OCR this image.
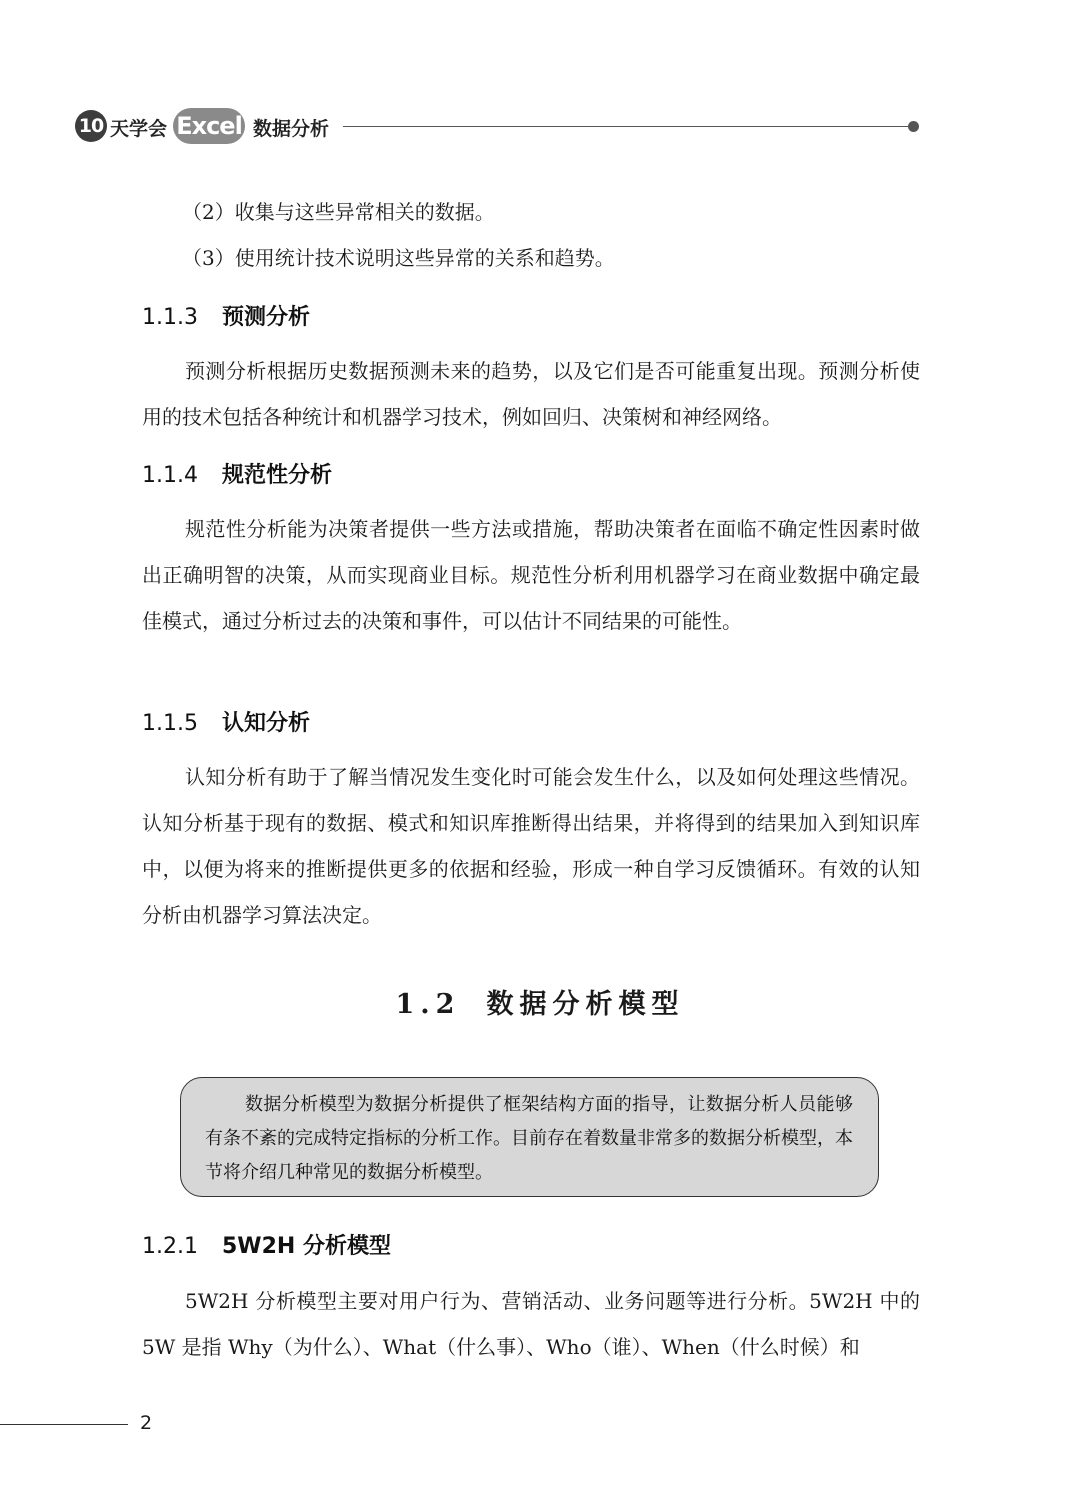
10 天学会 Excel 数据分析

（2）收集与这些异常相关的数据。

（3）使用统计技术说明这些异常的关系和趋势。

1.1.3 预测分析

预测分析根据历史数据预测未来的趋势，以及它们是否可能重复出现。预测分析使用的技术包括各种统计和机器学习技术，例如回归、决策树和神经网络。

1.1.4 规范性分析

规范性分析能为决策者提供一些方法或措施，帮助决策者在面临不确定性因素时做出正确明智的决策，从而实现商业目标。规范性分析利用机器学习在商业数据中确定最佳模式，通过分析过去的决策和事件，可以估计不同结果的可能性。

1.1.5 认知分析

认知分析有助于了解当情况发生变化时可能会发生什么，以及如何处理这些情况。认知分析基于现有的数据、模式和知识库推断得出结果，并将得到的结果加入到知识库中，以便为将来的推断提供更多的依据和经验，形成一种自学习反馈循环。有效的认知分析由机器学习算法决定。

1.2 数据分析模型

数据分析模型为数据分析提供了框架结构方面的指导，让数据分析人员能够有条不紊的完成特定指标的分析工作。目前存在着数量非常多的数据分析模型，本节将介绍几种常见的数据分析模型。

1.2.1 5W2H 分析模型

5W2H 分析模型主要对用户行为、营销活动、业务问题等进行分析。5W2H 中的 5W 是指 Why（为什么）、What（什么事）、Who（谁）、When（什么时候）和

2
